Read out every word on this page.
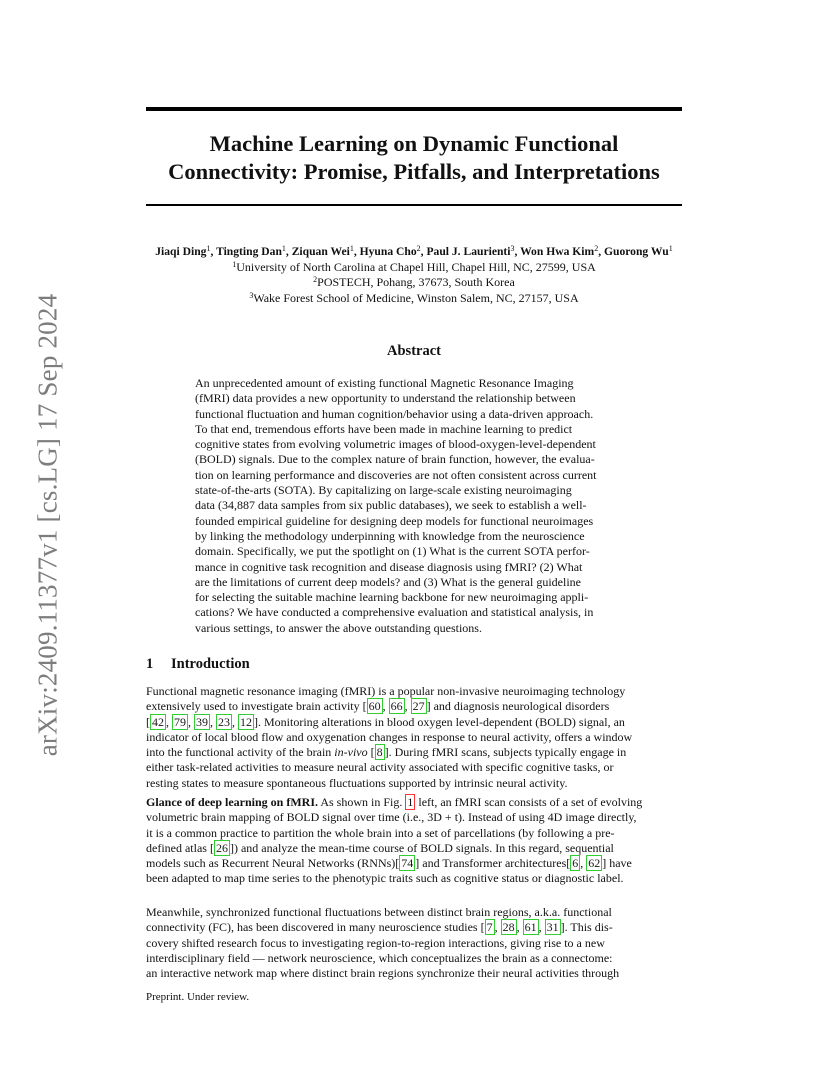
arXiv:2409.11377v1 [cs.LG] 17 Sep 2024
Machine Learning on Dynamic Functional
Connectivity: Promise, Pitfalls, and Interpretations
Jiaqi Ding$^1$, Tingting Dan$^1$, Ziquan Wei$^1$, Hyuna Cho$^2$, Paul J. Laurienti$^3$, Won Hwa Kim$^2$, Guorong Wu$^1$
$^1$University of North Carolina at Chapel Hill, Chapel Hill, NC, 27599, USA
$^2$POSTECH, Pohang, 37673, South Korea
$^3$Wake Forest School of Medicine, Winston Salem, NC, 27157, USA
Abstract
An unprecedented amount of existing functional Magnetic Resonance Imaging
(fMRI) data provides a new opportunity to understand the relationship between
functional fluctuation and human cognition/behavior using a data-driven approach.
To that end, tremendous efforts have been made in machine learning to predict
cognitive states from evolving volumetric images of blood-oxygen-level-dependent
(BOLD) signals. Due to the complex nature of brain function, however, the evalua-
tion on learning performance and discoveries are not often consistent across current
state-of-the-arts (SOTA). By capitalizing on large-scale existing neuroimaging
data (34,887 data samples from six public databases), we seek to establish a well-
founded empirical guideline for designing deep models for functional neuroimages
by linking the methodology underpinning with knowledge from the neuroscience
domain. Specifically, we put the spotlight on (1) What is the current SOTA perfor-
mance in cognitive task recognition and disease diagnosis using fMRI? (2) What
are the limitations of current deep models? and (3) What is the general guideline
for selecting the suitable machine learning backbone for new neuroimaging appli-
cations? We have conducted a comprehensive evaluation and statistical analysis, in
various settings, to answer the above outstanding questions.
1 Introduction
Functional magnetic resonance imaging (fMRI) is a popular non-invasive neuroimaging technology
extensively used to investigate brain activity [ 60 , 66 , 27 ] and diagnosis neurological disorders
[ 42 , 79 , 39 , 23 , 12 ]. Monitoring alterations in blood oxygen level-dependent (BOLD) signal, an
indicator of local blood flow and oxygenation changes in response to neural activity, offers a window
into the functional activity of the brain in-vivo [ 8 ]. During fMRI scans, subjects typically engage in
either task-related activities to measure neural activity associated with specific cognitive tasks, or
resting states to measure spontaneous fluctuations supported by intrinsic neural activity.
Glance of deep learning on fMRI. As shown in Fig. 1 left, an fMRI scan consists of a set of evolving
volumetric brain mapping of BOLD signal over time (i.e., 3D + t). Instead of using 4D image directly,
it is a common practice to partition the whole brain into a set of parcellations (by following a pre-
defined atlas [ 26 ]) and analyze the mean-time course of BOLD signals. In this regard, sequential
models such as Recurrent Neural Networks (RNNs)[ 74 ] and Transformer architectures[ 6 , 62 ] have
been adapted to map time series to the phenotypic traits such as cognitive status or diagnostic label.
Meanwhile, synchronized functional fluctuations between distinct brain regions, a.k.a. functional
connectivity (FC), has been discovered in many neuroscience studies [ 7 , 28 , 61 , 31 ]. This dis-
covery shifted research focus to investigating region-to-region interactions, giving rise to a new
interdisciplinary field — network neuroscience, which conceptualizes the brain as a connectome:
an interactive network map where distinct brain regions synchronize their neural activities through
Preprint. Under review.
